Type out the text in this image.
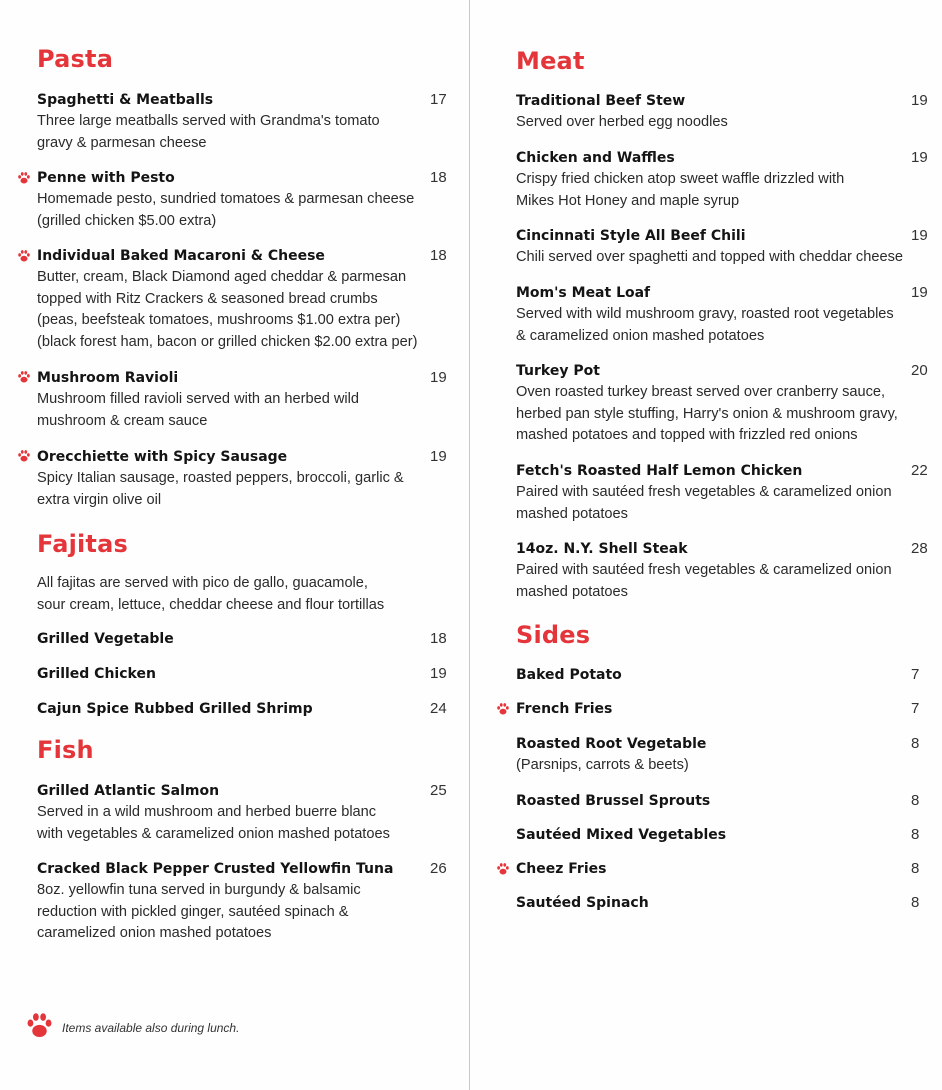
Pasta
Spaghetti & Meatballs
Three large meatballs served with Grandma's tomato
gravy & parmesan cheese
17
Penne with Pesto
Homemade pesto, sundried tomatoes & parmesan cheese
(grilled chicken $5.00 extra)
18
Individual Baked Macaroni & Cheese
Butter, cream, Black Diamond aged cheddar & parmesan
topped with Ritz Crackers & seasoned bread crumbs
(peas, beefsteak tomatoes, mushrooms $1.00 extra per)
(black forest ham, bacon or grilled chicken $2.00 extra per)
18
Mushroom Ravioli
Mushroom filled ravioli served with an herbed wild
mushroom & cream sauce
19
Orecchiette with Spicy Sausage
Spicy Italian sausage, roasted peppers, broccoli, garlic &
extra virgin olive oil
19
Fajitas
All fajitas are served with pico de gallo, guacamole,
sour cream, lettuce, cheddar cheese and flour tortillas
Grilled Vegetable	18
Grilled Chicken	19
Cajun Spice Rubbed Grilled Shrimp	24
Fish
Grilled Atlantic Salmon
Served in a wild mushroom and herbed buerre blanc
with vegetables & caramelized onion mashed potatoes
25
Cracked Black Pepper Crusted Yellowfin Tuna
8oz. yellowfin tuna served in burgundy & balsamic
reduction with pickled ginger, sautéed spinach &
caramelized onion mashed potatoes
26
Items available also during lunch.
Meat
Traditional Beef Stew
Served over herbed egg noodles
19
Chicken and Waffles
Crispy fried chicken atop sweet waffle drizzled with
Mikes Hot Honey and maple syrup
19
Cincinnati Style All Beef Chili
Chili served over spaghetti and topped with cheddar cheese
19
Mom's Meat Loaf
Served with wild mushroom gravy, roasted root vegetables
& caramelized onion mashed potatoes
19
Turkey Pot
Oven roasted turkey breast served over cranberry sauce,
herbed pan style stuffing, Harry's onion & mushroom gravy,
mashed potatoes and topped with frizzled red onions
20
Fetch's Roasted Half Lemon Chicken
Paired with sautéed fresh vegetables & caramelized onion
mashed potatoes
22
14oz. N.Y. Shell Steak
Paired with sautéed fresh vegetables & caramelized onion
mashed potatoes
28
Sides
Baked Potato	7
French Fries	7
Roasted Root Vegetable
(Parsnips, carrots & beets)
8
Roasted Brussel Sprouts	8
Sautéed Mixed Vegetables	8
Cheez Fries	8
Sautéed Spinach	8
